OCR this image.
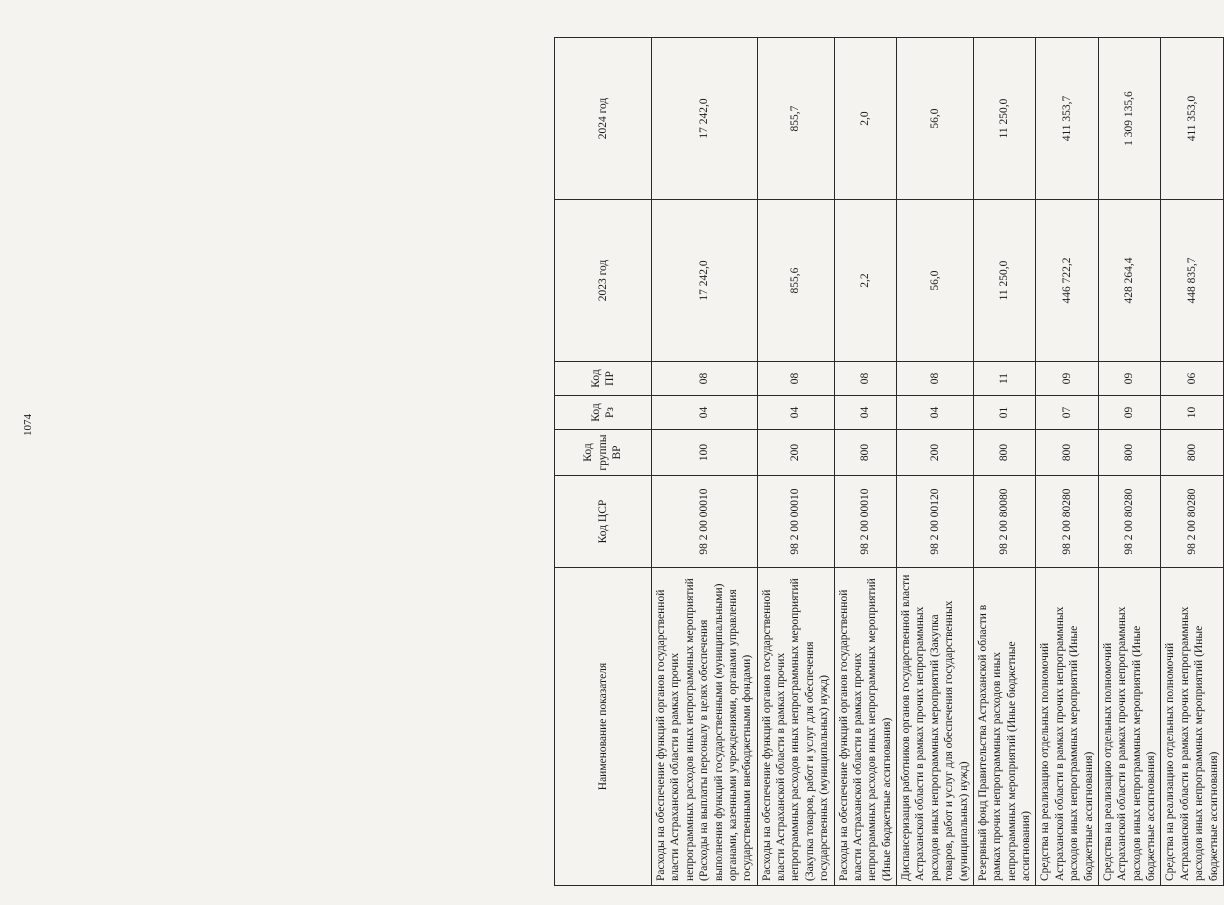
1074
Наименование показателя	Код ЦСР	Код группы ВР	Код Рз	Код ПР	2023 год	2024 год
Расходы на обеспечение функций органов государственной власти Астраханской области в рамках прочих непрограммных расходов иных непрограммных мероприятий (Расходы на выплаты персоналу в целях обеспечения выполнения функций государственными (муниципальными) органами, казенными учреждениями, органами управления государственными внебюджетными фондами)	98 2 00 00010	100	04	08	17 242,0	17 242,0
Расходы на обеспечение функций органов государственной власти Астраханской области в рамках прочих непрограммных расходов иных непрограммных мероприятий (Закупка товаров, работ и услуг для обеспечения государственных (муниципальных) нужд)	98 2 00 00010	200	04	08	855,6	855,7
Расходы на обеспечение функций органов государственной власти Астраханской области в рамках прочих непрограммных расходов иных непрограммных мероприятий (Иные бюджетные ассигнования)	98 2 00 00010	800	04	08	2,2	2,0
Диспансеризация работников органов государственной власти Астраханской области в рамках прочих непрограммных расходов иных непрограммных мероприятий (Закупка товаров, работ и услуг для обеспечения государственных (муниципальных) нужд)	98 2 00 00120	200	04	08	56,0	56,0
Резервный фонд Правительства Астраханской области в рамках прочих непрограммных расходов иных непрограммных мероприятий (Иные бюджетные ассигнования)	98 2 00 80080	800	01	11	11 250,0	11 250,0
Средства на реализацию отдельных полномочий Астраханской области в рамках прочих непрограммных расходов иных непрограммных мероприятий (Иные бюджетные ассигнования)	98 2 00 80280	800	07	09	446 722,2	411 353,7
Средства на реализацию отдельных полномочий Астраханской области в рамках прочих непрограммных расходов иных непрограммных мероприятий (Иные бюджетные ассигнования)	98 2 00 80280	800	09	09	428 264,4	1 309 135,6
Средства на реализацию отдельных полномочий Астраханской области в рамках прочих непрограммных расходов иных непрограммных мероприятий (Иные бюджетные ассигнования)	98 2 00 80280	800	10	06	448 835,7	411 353,0
